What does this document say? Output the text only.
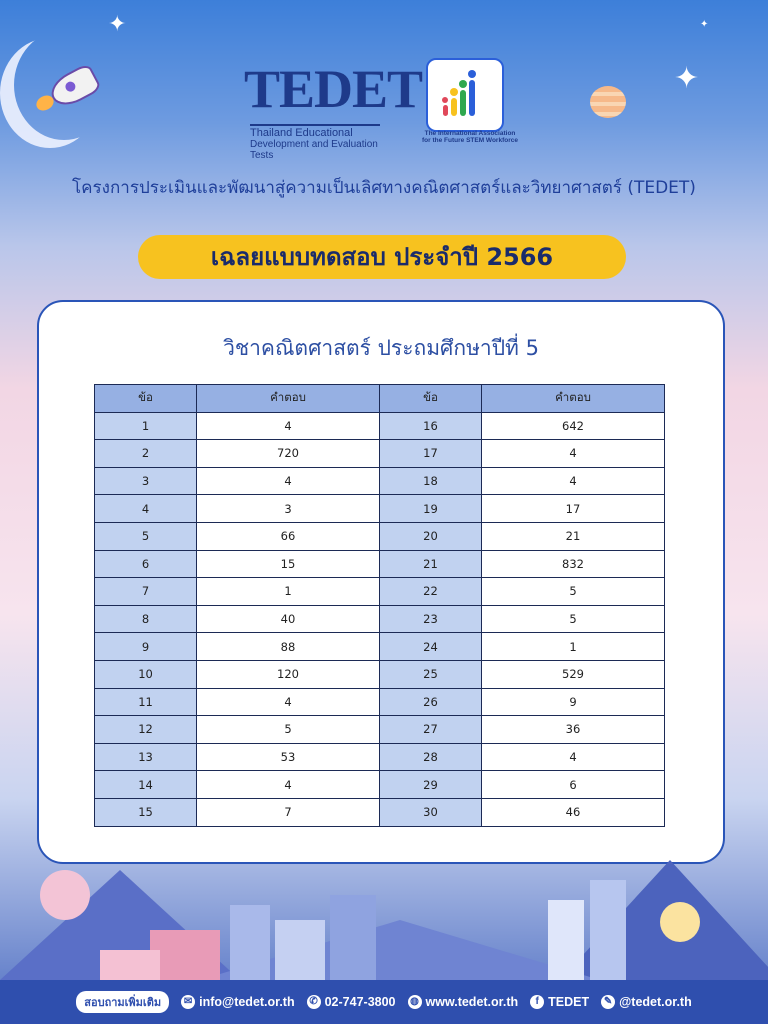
✦
✦
✦
TEDET
Thailand Educational
Development and Evaluation Tests
The International Association
for the Future STEM Workforce
โครงการประเมินและพัฒนาสู่ความเป็นเลิศทางคณิตศาสตร์และวิทยาศาสตร์ (TEDET)
เฉลยแบบทดสอบ ประจำปี 2566
วิชาคณิตศาสตร์ ประถมศึกษาปีที่ 5
ข้อ	คำตอบ	ข้อ	คำตอบ
1	4	16	642
2	720	17	4
3	4	18	4
4	3	19	17
5	66	20	21
6	15	21	832
7	1	22	5
8	40	23	5
9	88	24	1
10	120	25	529
11	4	26	9
12	5	27	36
13	53	28	4
14	4	29	6
15	7	30	46
สอบถามเพิ่มเติม	✉ info@tedet.or.th ✆ 02-747-3800 ◍ www.tedet.or.th	f TEDET ✎ @tedet.or.th
